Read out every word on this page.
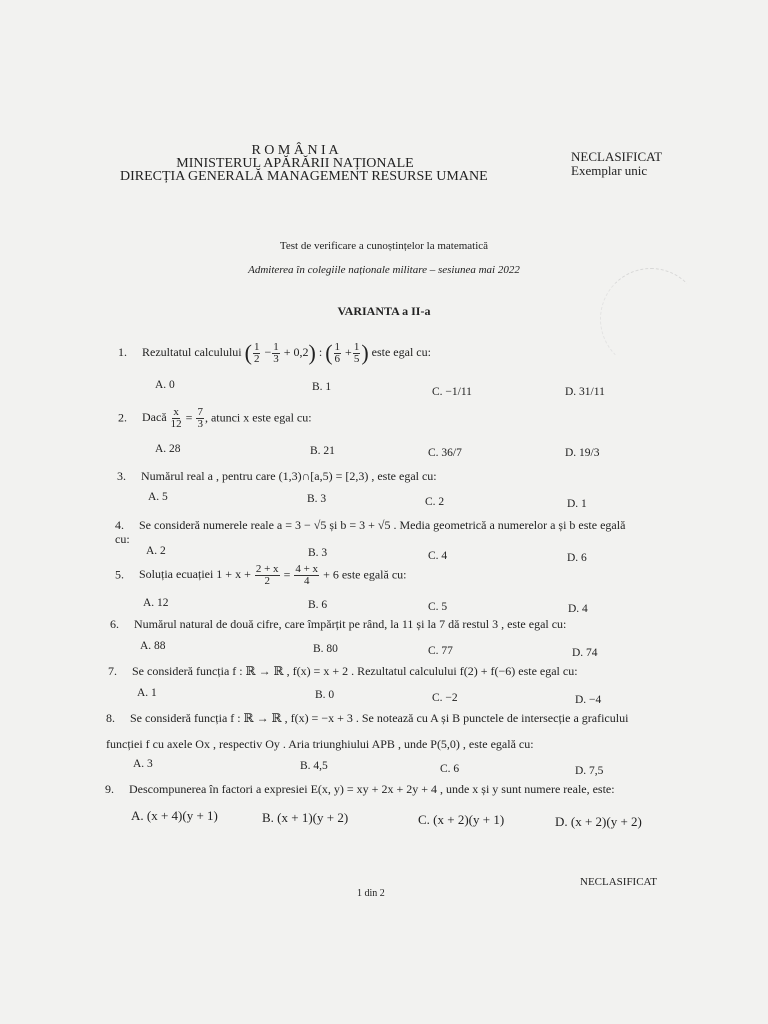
R O M Â N I A
MINISTERUL APĂRĂRII NAȚIONALE
DIRECȚIA GENERALĂ MANAGEMENT RESURSE UMANE
NECLASIFICAT
Exemplar unic
Test de verificare a cunoștințelor la matematică
Admiterea în colegiile naționale militare – sesiunea mai 2022
VARIANTA a II-a
1. Rezultatul calculului ( $\frac{1}{2} - \frac{1}{3} + 0,2$) : ( $\frac{1}{6} + \frac{1}{5}$ ) este egal cu:
A. 0	B. 1	C. −1/11	D. 31/11
2. Dacă $\frac{x}{12} = \frac{7}{3}$ , atunci x este egal cu:
A. 28	B. 21	C. 36/7	D. 19/3
3. Numărul real a , pentru care (1,3)∩[a,5) = [2,3) , este egal cu:
A. 5	B. 3	C. 2	D. 1
4. Se consideră numerele reale a = 3 − √5 și b = 3 + √5 . Media geometrică a numerelor a și b este egală
cu:
A. 2	B. 3	C. 4	D. 6
5. Soluția ecuației $1 + x + \frac{2 + x}{2} = \frac{4 + x}{4} + 6$ este egală cu:
A. 12	B. 6	C. 5	D. 4
6. Numărul natural de două cifre, care împărțit pe rând, la 11 și la 7 dă restul 3 , este egal cu:
A. 88	B. 80	C. 77	D. 74
7. Se consideră funcția f : ℝ → ℝ , f(x) = x + 2 . Rezultatul calculului f(2) + f(−6) este egal cu:
A. 1	B. 0	C. −2	D. −4
8. Se consideră funcția f : ℝ → ℝ , f(x) = −x + 3 . Se notează cu A și B punctele de intersecție a graficului
funcției f cu axele Ox , respectiv Oy . Aria triunghiului APB , unde P(5,0) , este egală cu:
A. 3	B. 4,5	C. 6	D. 7,5
9. Descompunerea în factori a expresiei E(x, y) = xy + 2x + 2y + 4 , unde x și y sunt numere reale, este:
A. (x + 4)(y + 1)	B. (x + 1)(y + 2)	C. (x + 2)(y + 1)	D. (x + 2)(y + 2)
1 din 2
NECLASIFICAT
